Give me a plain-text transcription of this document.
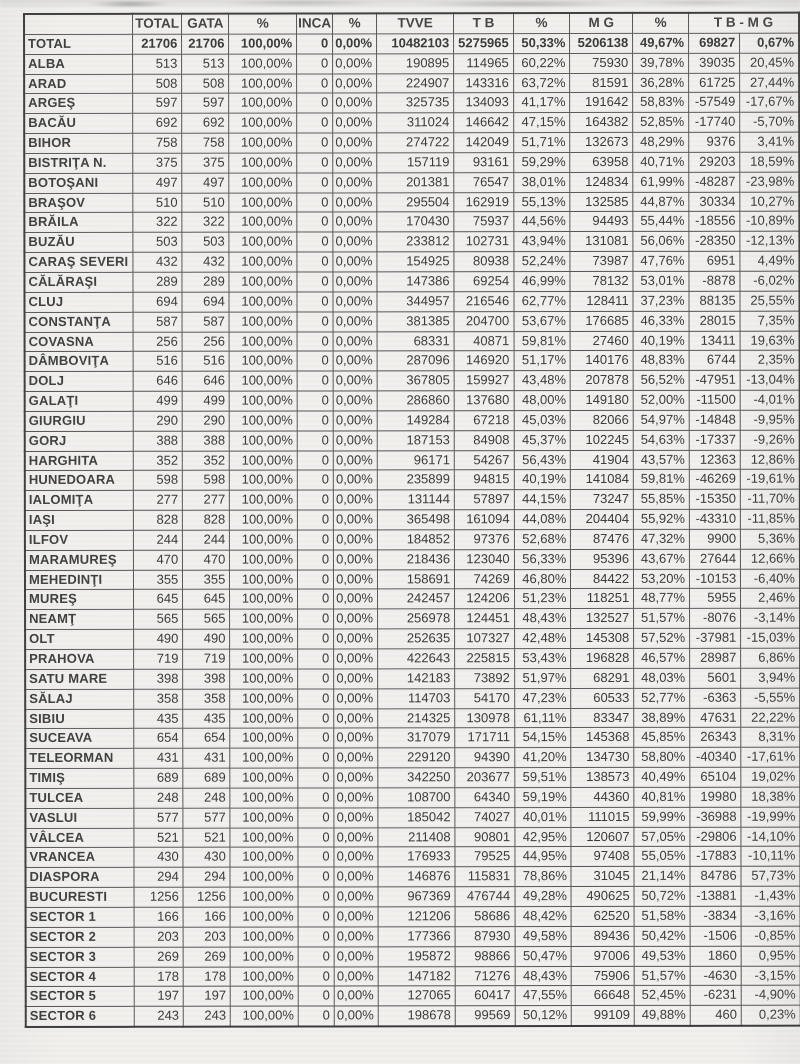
	TOTAL	GATA	%	INCA	%	TVVE	T B	%	M G	%	T B - M G	
TOTAL	21706	21706	100,00%	0	0,00%	10482103	5275965	50,33%	5206138	49,67%	69827	0,67%
ALBA	513	513	100,00%	0	0,00%	190895	114965	60,22%	75930	39,78%	39035	20,45%
ARAD	508	508	100,00%	0	0,00%	224907	143316	63,72%	81591	36,28%	61725	27,44%
ARGEŞ	597	597	100,00%	0	0,00%	325735	134093	41,17%	191642	58,83%	-57549	-17,67%
BACĂU	692	692	100,00%	0	0,00%	311024	146642	47,15%	164382	52,85%	-17740	-5,70%
BIHOR	758	758	100,00%	0	0,00%	274722	142049	51,71%	132673	48,29%	9376	3,41%
BISTRIŢA N.	375	375	100,00%	0	0,00%	157119	93161	59,29%	63958	40,71%	29203	18,59%
BOTOŞANI	497	497	100,00%	0	0,00%	201381	76547	38,01%	124834	61,99%	-48287	-23,98%
BRAŞOV	510	510	100,00%	0	0,00%	295504	162919	55,13%	132585	44,87%	30334	10,27%
BRĂILA	322	322	100,00%	0	0,00%	170430	75937	44,56%	94493	55,44%	-18556	-10,89%
BUZĂU	503	503	100,00%	0	0,00%	233812	102731	43,94%	131081	56,06%	-28350	-12,13%
CARAŞ SEVERI	432	432	100,00%	0	0,00%	154925	80938	52,24%	73987	47,76%	6951	4,49%
CĂLĂRAŞI	289	289	100,00%	0	0,00%	147386	69254	46,99%	78132	53,01%	-8878	-6,02%
CLUJ	694	694	100,00%	0	0,00%	344957	216546	62,77%	128411	37,23%	88135	25,55%
CONSTANŢA	587	587	100,00%	0	0,00%	381385	204700	53,67%	176685	46,33%	28015	7,35%
COVASNA	256	256	100,00%	0	0,00%	68331	40871	59,81%	27460	40,19%	13411	19,63%
DÂMBOVIŢA	516	516	100,00%	0	0,00%	287096	146920	51,17%	140176	48,83%	6744	2,35%
DOLJ	646	646	100,00%	0	0,00%	367805	159927	43,48%	207878	56,52%	-47951	-13,04%
GALAŢI	499	499	100,00%	0	0,00%	286860	137680	48,00%	149180	52,00%	-11500	-4,01%
GIURGIU	290	290	100,00%	0	0,00%	149284	67218	45,03%	82066	54,97%	-14848	-9,95%
GORJ	388	388	100,00%	0	0,00%	187153	84908	45,37%	102245	54,63%	-17337	-9,26%
HARGHITA	352	352	100,00%	0	0,00%	96171	54267	56,43%	41904	43,57%	12363	12,86%
HUNEDOARA	598	598	100,00%	0	0,00%	235899	94815	40,19%	141084	59,81%	-46269	-19,61%
IALOMIŢA	277	277	100,00%	0	0,00%	131144	57897	44,15%	73247	55,85%	-15350	-11,70%
IAŞI	828	828	100,00%	0	0,00%	365498	161094	44,08%	204404	55,92%	-43310	-11,85%
ILFOV	244	244	100,00%	0	0,00%	184852	97376	52,68%	87476	47,32%	9900	5,36%
MARAMUREŞ	470	470	100,00%	0	0,00%	218436	123040	56,33%	95396	43,67%	27644	12,66%
MEHEDINŢI	355	355	100,00%	0	0,00%	158691	74269	46,80%	84422	53,20%	-10153	-6,40%
MUREŞ	645	645	100,00%	0	0,00%	242457	124206	51,23%	118251	48,77%	5955	2,46%
NEAMŢ	565	565	100,00%	0	0,00%	256978	124451	48,43%	132527	51,57%	-8076	-3,14%
OLT	490	490	100,00%	0	0,00%	252635	107327	42,48%	145308	57,52%	-37981	-15,03%
PRAHOVA	719	719	100,00%	0	0,00%	422643	225815	53,43%	196828	46,57%	28987	6,86%
SATU MARE	398	398	100,00%	0	0,00%	142183	73892	51,97%	68291	48,03%	5601	3,94%
SĂLAJ	358	358	100,00%	0	0,00%	114703	54170	47,23%	60533	52,77%	-6363	-5,55%
SIBIU	435	435	100,00%	0	0,00%	214325	130978	61,11%	83347	38,89%	47631	22,22%
SUCEAVA	654	654	100,00%	0	0,00%	317079	171711	54,15%	145368	45,85%	26343	8,31%
TELEORMAN	431	431	100,00%	0	0,00%	229120	94390	41,20%	134730	58,80%	-40340	-17,61%
TIMIŞ	689	689	100,00%	0	0,00%	342250	203677	59,51%	138573	40,49%	65104	19,02%
TULCEA	248	248	100,00%	0	0,00%	108700	64340	59,19%	44360	40,81%	19980	18,38%
VASLUI	577	577	100,00%	0	0,00%	185042	74027	40,01%	111015	59,99%	-36988	-19,99%
VÂLCEA	521	521	100,00%	0	0,00%	211408	90801	42,95%	120607	57,05%	-29806	-14,10%
VRANCEA	430	430	100,00%	0	0,00%	176933	79525	44,95%	97408	55,05%	-17883	-10,11%
DIASPORA	294	294	100,00%	0	0,00%	146876	115831	78,86%	31045	21,14%	84786	57,73%
BUCURESTI	1256	1256	100,00%	0	0,00%	967369	476744	49,28%	490625	50,72%	-13881	-1,43%
SECTOR 1	166	166	100,00%	0	0,00%	121206	58686	48,42%	62520	51,58%	-3834	-3,16%
SECTOR 2	203	203	100,00%	0	0,00%	177366	87930	49,58%	89436	50,42%	-1506	-0,85%
SECTOR 3	269	269	100,00%	0	0,00%	195872	98866	50,47%	97006	49,53%	1860	0,95%
SECTOR 4	178	178	100,00%	0	0,00%	147182	71276	48,43%	75906	51,57%	-4630	-3,15%
SECTOR 5	197	197	100,00%	0	0,00%	127065	60417	47,55%	66648	52,45%	-6231	-4,90%
SECTOR 6	243	243	100,00%	0	0,00%	198678	99569	50,12%	99109	49,88%	460	0,23%
